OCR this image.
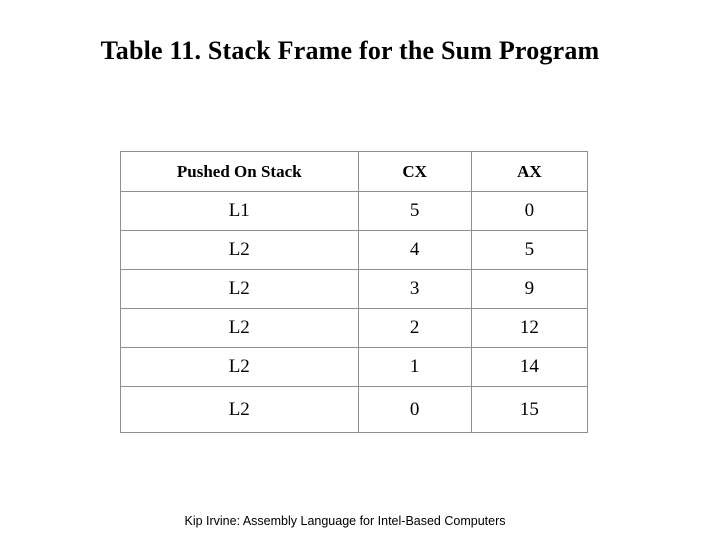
Table 11. Stack Frame for the Sum Program
Pushed On Stack	CX	AX
L1	5	0
L2	4	5
L2	3	9
L2	2	12
L2	1	14
L2	0	15
Kip Irvine: Assembly Language for Intel-Based Computers
